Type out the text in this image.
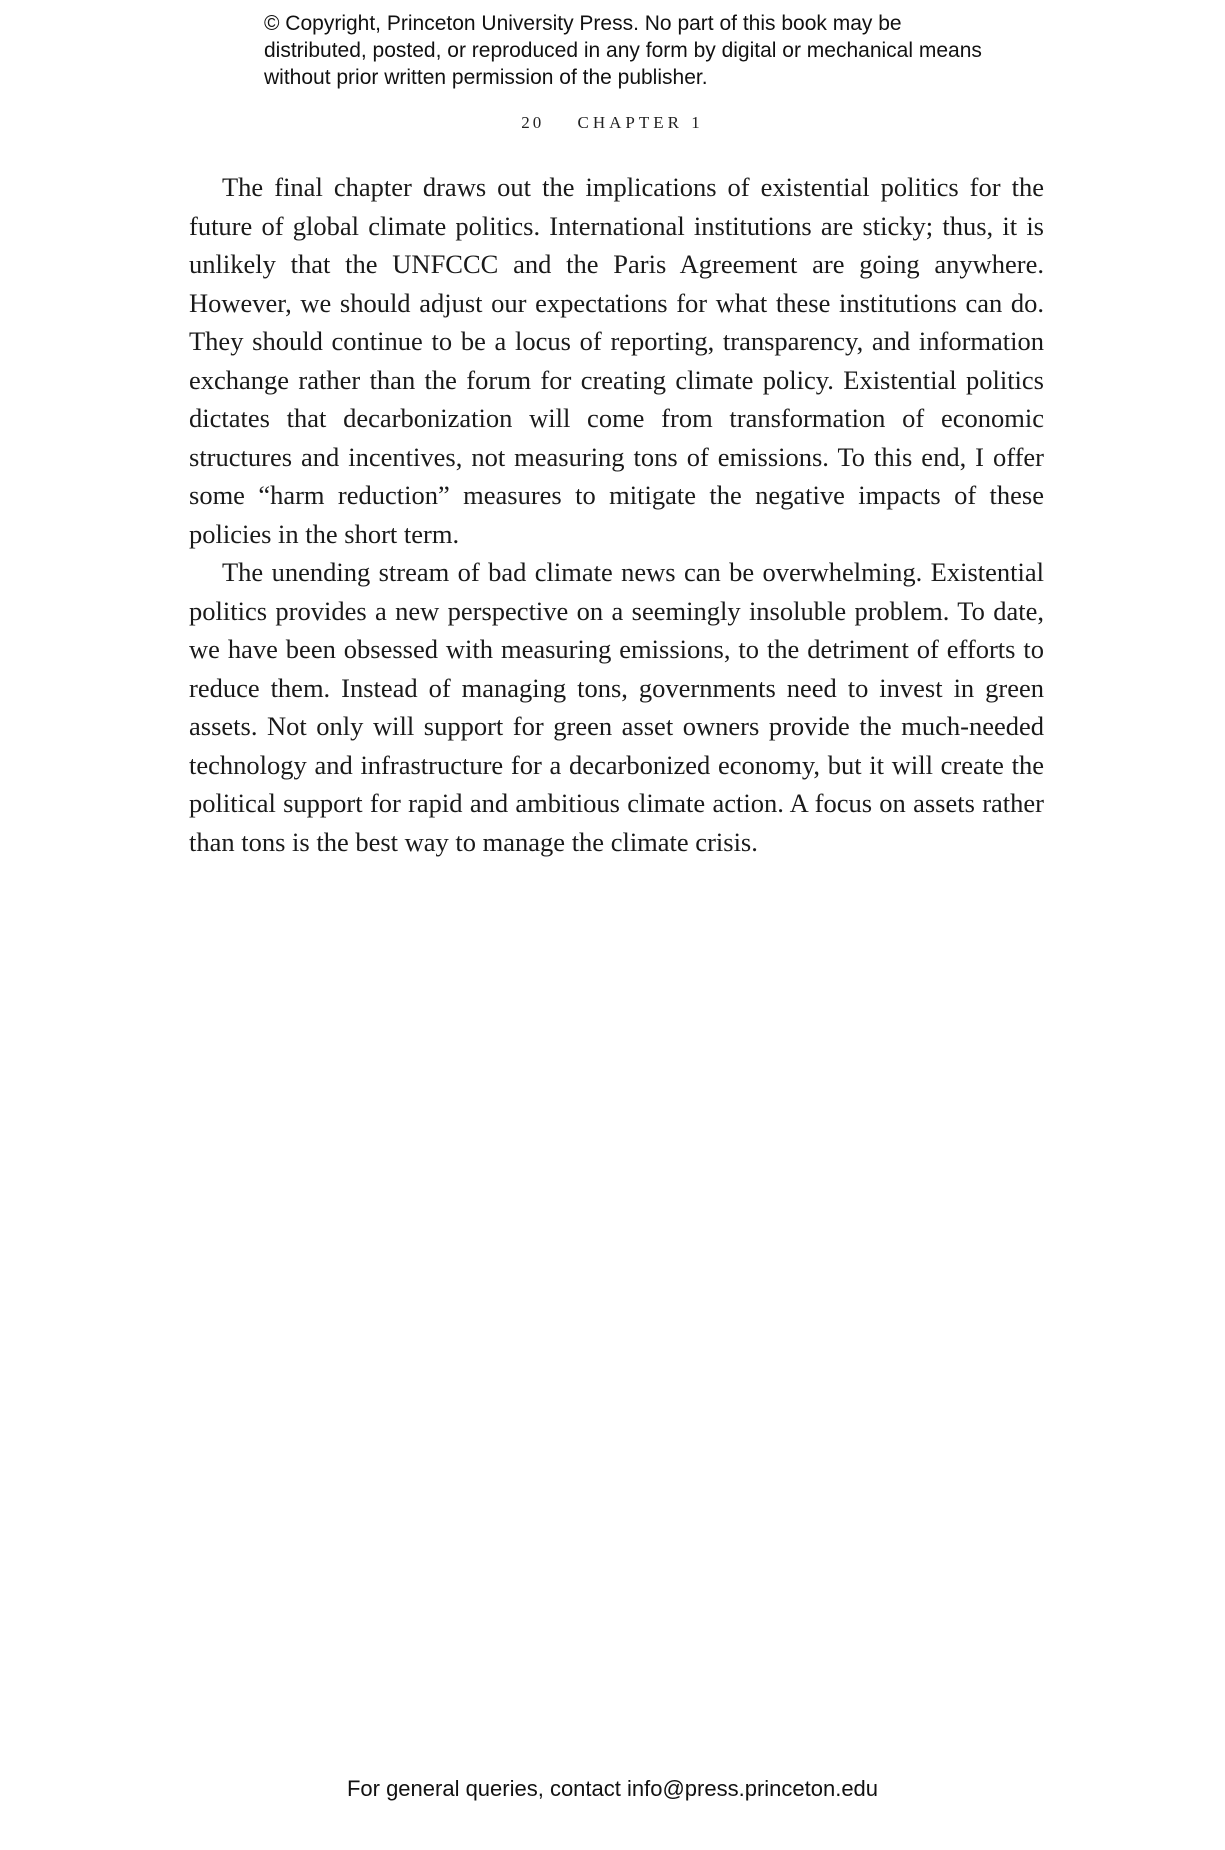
© Copyright, Princeton University Press. No part of this book may be distributed, posted, or reproduced in any form by digital or mechanical means without prior written permission of the publisher.
20 CHAPTER 1

The final chapter draws out the implications of existential politics for the future of global climate politics. International institutions are sticky; thus, it is unlikely that the UNFCCC and the Paris Agreement are going anywhere. However, we should adjust our expectations for what these institutions can do. They should continue to be a locus of reporting, transparency, and information exchange rather than the forum for creating climate policy. Existential politics dictates that decarbonization will come from transformation of economic structures and incentives, not measuring tons of emissions. To this end, I offer some “harm reduction” measures to mitigate the negative impacts of these policies in the short term.

The unending stream of bad climate news can be overwhelming. Existential politics provides a new perspective on a seemingly insoluble problem. To date, we have been obsessed with measuring emissions, to the detriment of efforts to reduce them. Instead of managing tons, governments need to invest in green assets. Not only will support for green asset owners provide the much-needed technology and infrastructure for a decarbonized economy, but it will create the political support for rapid and ambitious climate action. A focus on assets rather than tons is the best way to manage the climate crisis.

For general queries, contact info@press.princeton.edu
